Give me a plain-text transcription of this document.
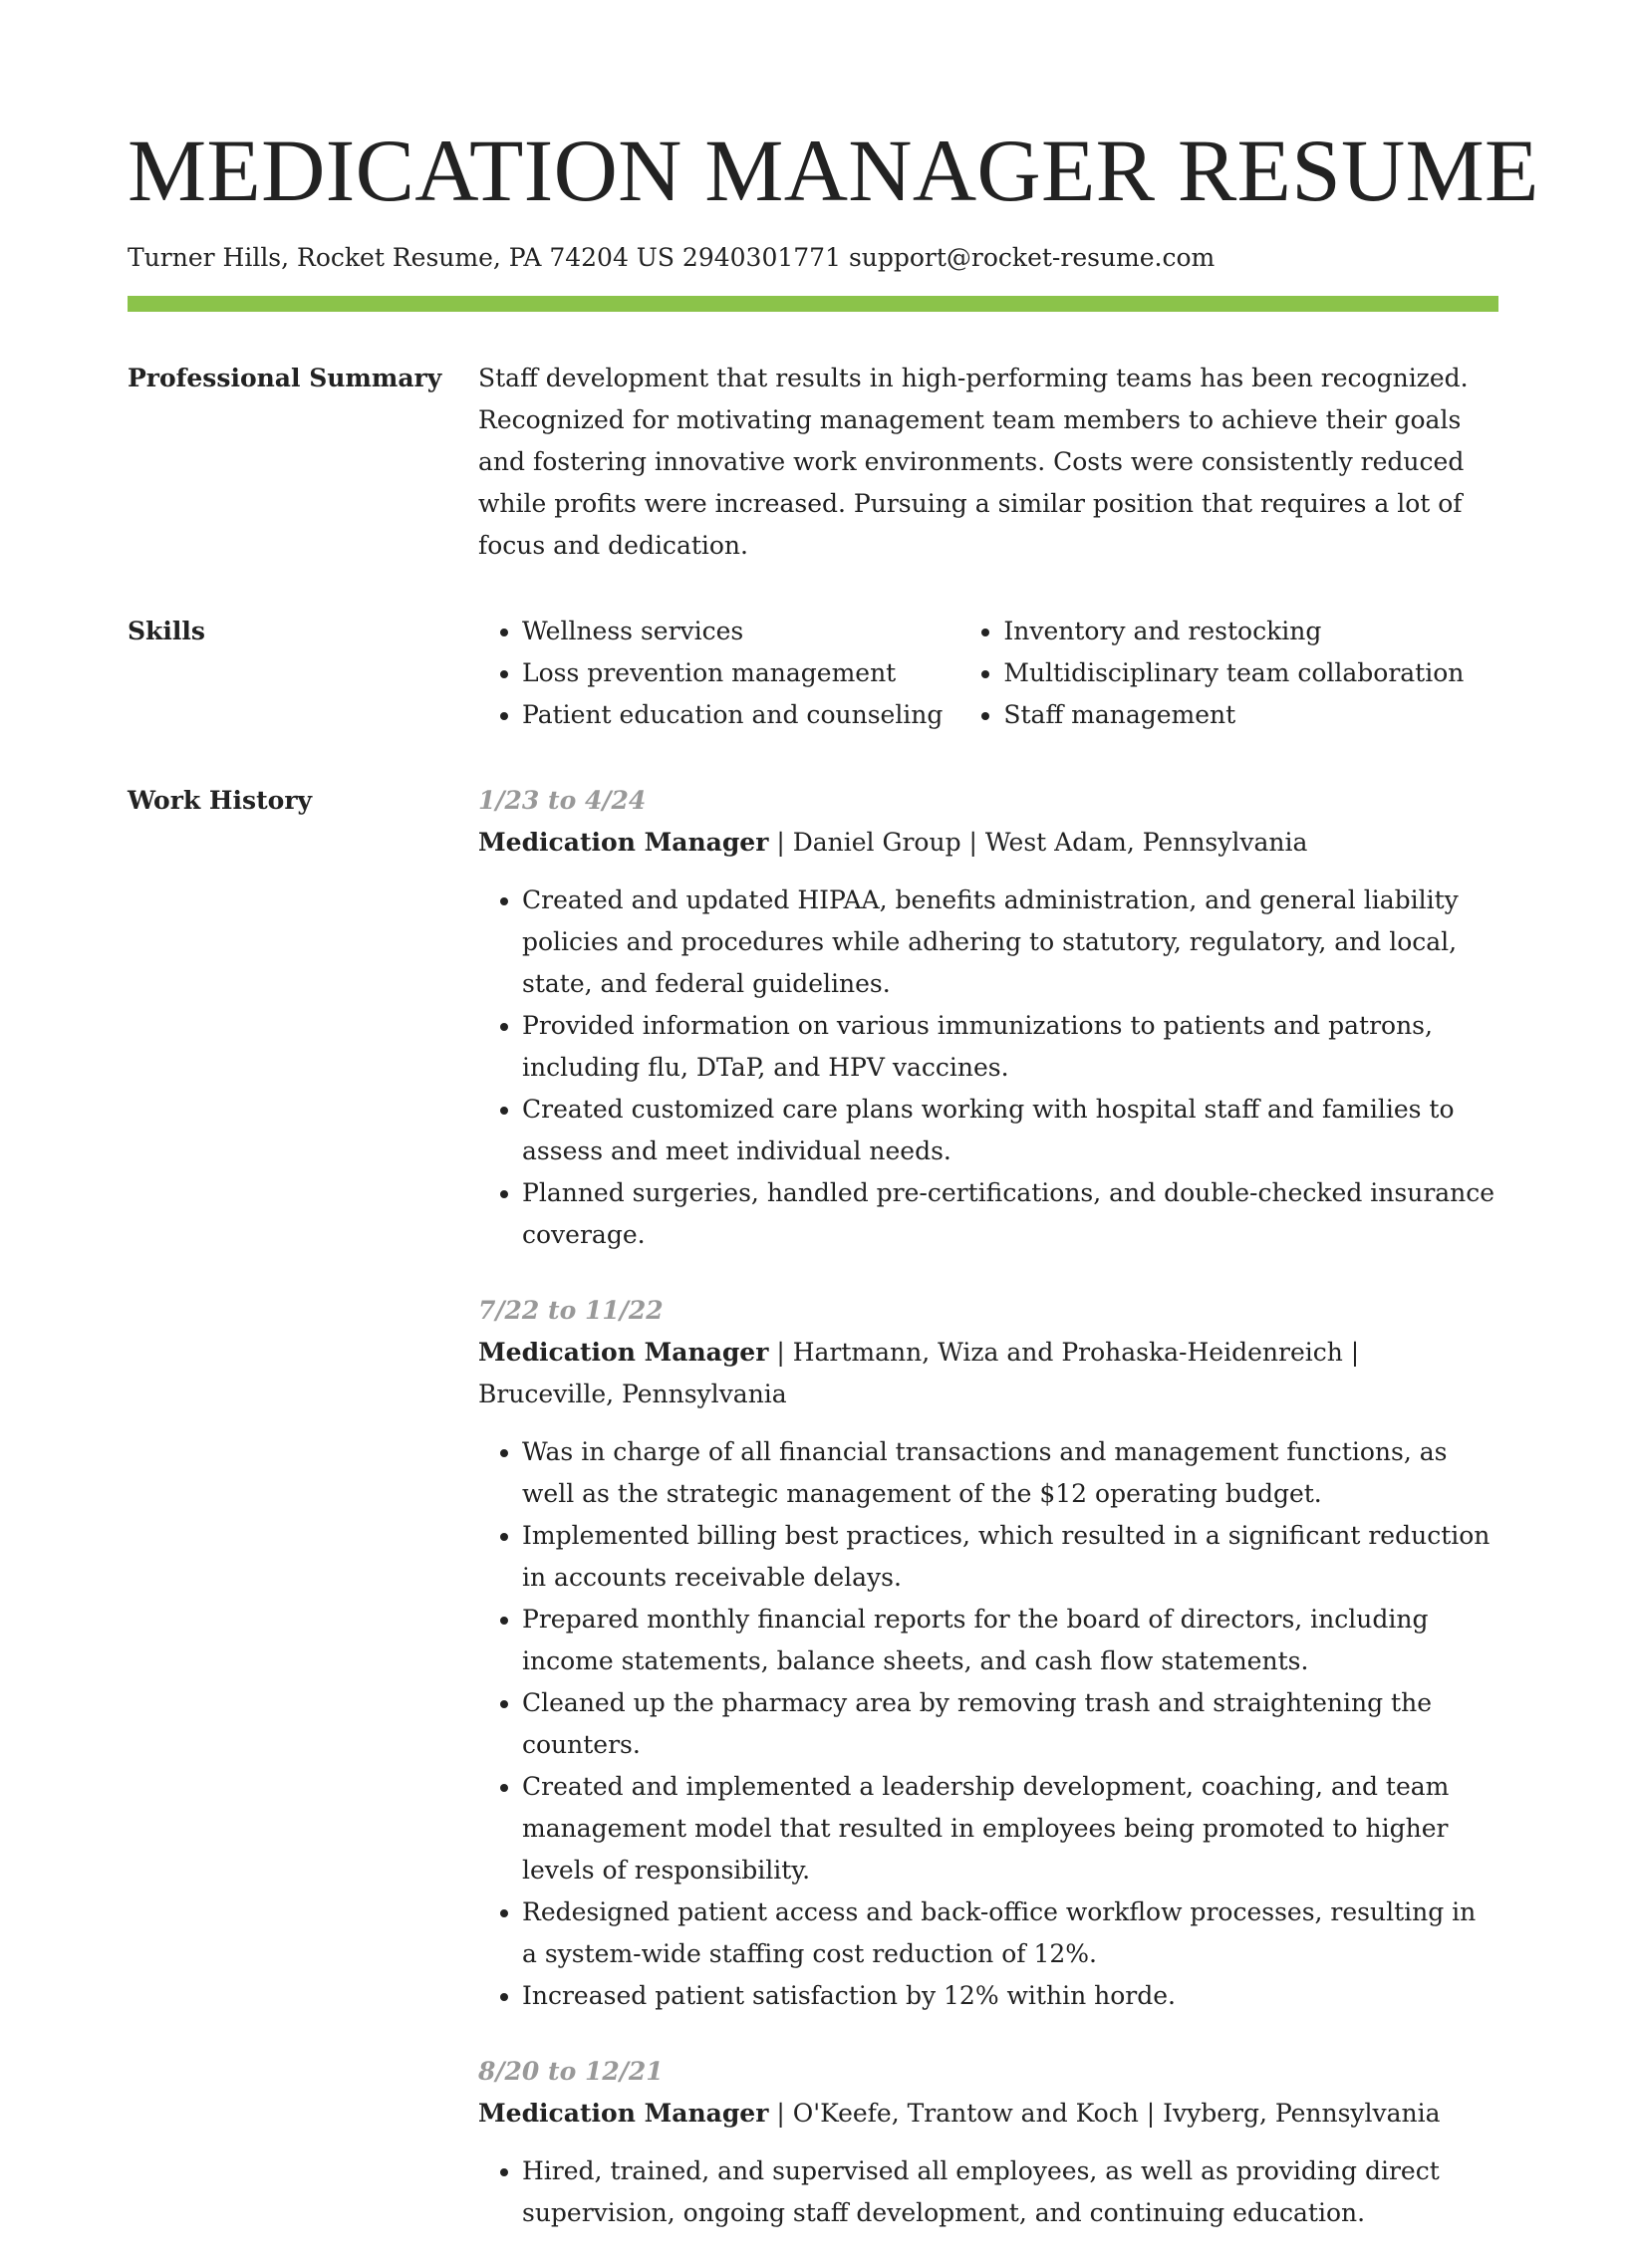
MEDICATION MANAGER RESUME
Turner Hills, Rocket Resume, PA 74204 US 2940301771 support@rocket-resume.com
Professional Summary	Staff development that results in high-performing teams has been recognized. Recognized for motivating management team members to achieve their goals and fostering innovative work environments. Costs were consistently reduced while profits were increased. Pursuing a similar position that requires a lot of focus and dedication.

Skills
•	Wellness services
• Loss prevention management
• Patient education and counseling
• Inventory and restocking
• Multidisciplinary team collaboration
• Staff management
Work History	1/23 to 4/24
Medication Manager | Daniel Group | West Adam, Pennsylvania
• Created and updated HIPAA, benefits administration, and general liability policies and procedures while adhering to statutory, regulatory, and local, state, and federal guidelines.
• Provided information on various immunizations to patients and patrons, including flu, DTaP, and HPV vaccines.
• Created customized care plans working with hospital staff and families to assess and meet individual needs.
• Planned surgeries, handled pre-certifications, and double-checked insurance coverage.
7/22 to 11/22
Medication Manager | Hartmann, Wiza and Prohaska-Heidenreich | Bruceville, Pennsylvania
• Was in charge of all financial transactions and management functions, as well as the strategic management of the $12 operating budget.
• Implemented billing best practices, which resulted in a significant reduction in accounts receivable delays.
• Prepared monthly financial reports for the board of directors, including income statements, balance sheets, and cash flow statements.
• Cleaned up the pharmacy area by removing trash and straightening the counters.
• Created and implemented a leadership development, coaching, and team management model that resulted in employees being promoted to higher levels of responsibility.
• Redesigned patient access and back-office workflow processes, resulting in a system-wide staffing cost reduction of 12%.
• Increased patient satisfaction by 12% within horde.
8/20 to 12/21
Medication Manager | O'Keefe, Trantow and Koch | Ivyberg, Pennsylvania
• Hired, trained, and supervised all employees, as well as providing direct supervision, ongoing staff development, and continuing education.
